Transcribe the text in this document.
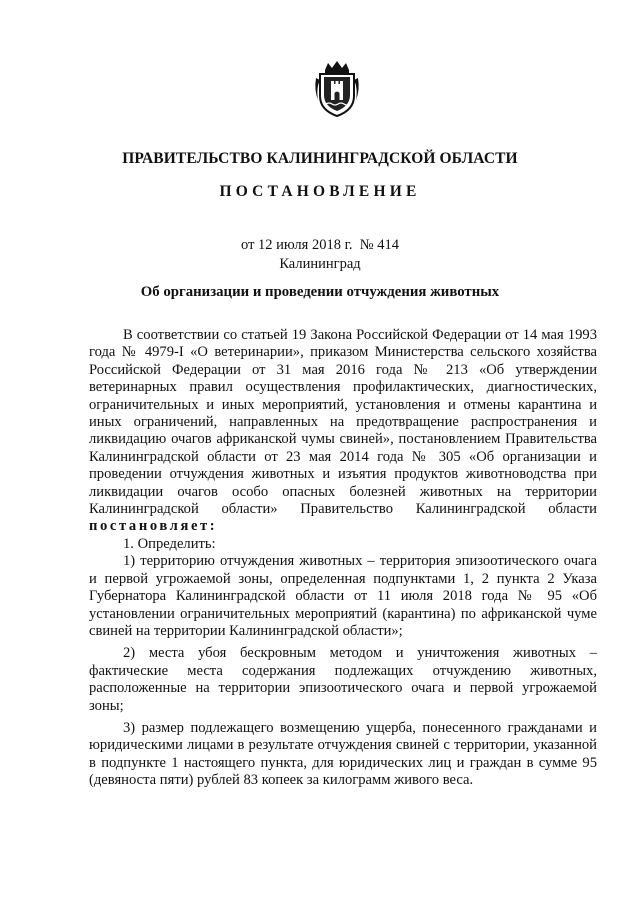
ПРАВИТЕЛЬСТВО КАЛИНИНГРАДСКОЙ ОБЛАСТИ
ПОСТАНОВЛЕНИЕ
от 12 июля 2018 г.  № 414
Калининград
Об организации и проведении отчуждения животных

В соответствии со статьей 19 Закона Российской Федерации от 14 мая 1993 года № 4979-I «О ветеринарии», приказом Министерства сельского хозяйства Российской Федерации от 31 мая 2016 года № 213 «Об утверждении ветеринарных правил осуществления профилактических, диагностических, ограничительных и иных мероприятий, установления и отмены карантина и иных ограничений, направленных на предотвращение распространения и ликвидацию очагов африканской чумы свиней», постановлением Правительства Калининградской области от 23 мая 2014 года № 305 «Об организации и проведении отчуждения животных и изъятия продуктов животноводства при ликвидации очагов особо опасных болезней животных на территории Калининградской области» Правительство Калининградской области постановляет:

1. Определить:

1) территорию отчуждения животных – территория эпизоотического очага и первой угрожаемой зоны, определенная подпунктами 1, 2 пункта 2 Указа Губернатора Калининградской области от 11 июля 2018 года № 95 «Об установлении ограничительных мероприятий (карантина) по африканской чуме свиней на территории Калининградской области»;

2) места убоя бескровным методом и уничтожения животных – фактические места содержания подлежащих отчуждению животных, расположенные на территории эпизоотического очага и первой угрожаемой зоны;

3) размер подлежащего возмещению ущерба, понесенного гражданами и юридическими лицами в результате отчуждения свиней с территории, указанной в подпункте 1 настоящего пункта, для юридических лиц и граждан в сумме 95 (девяноста пяти) рублей 83 копеек за килограмм живого веса.
